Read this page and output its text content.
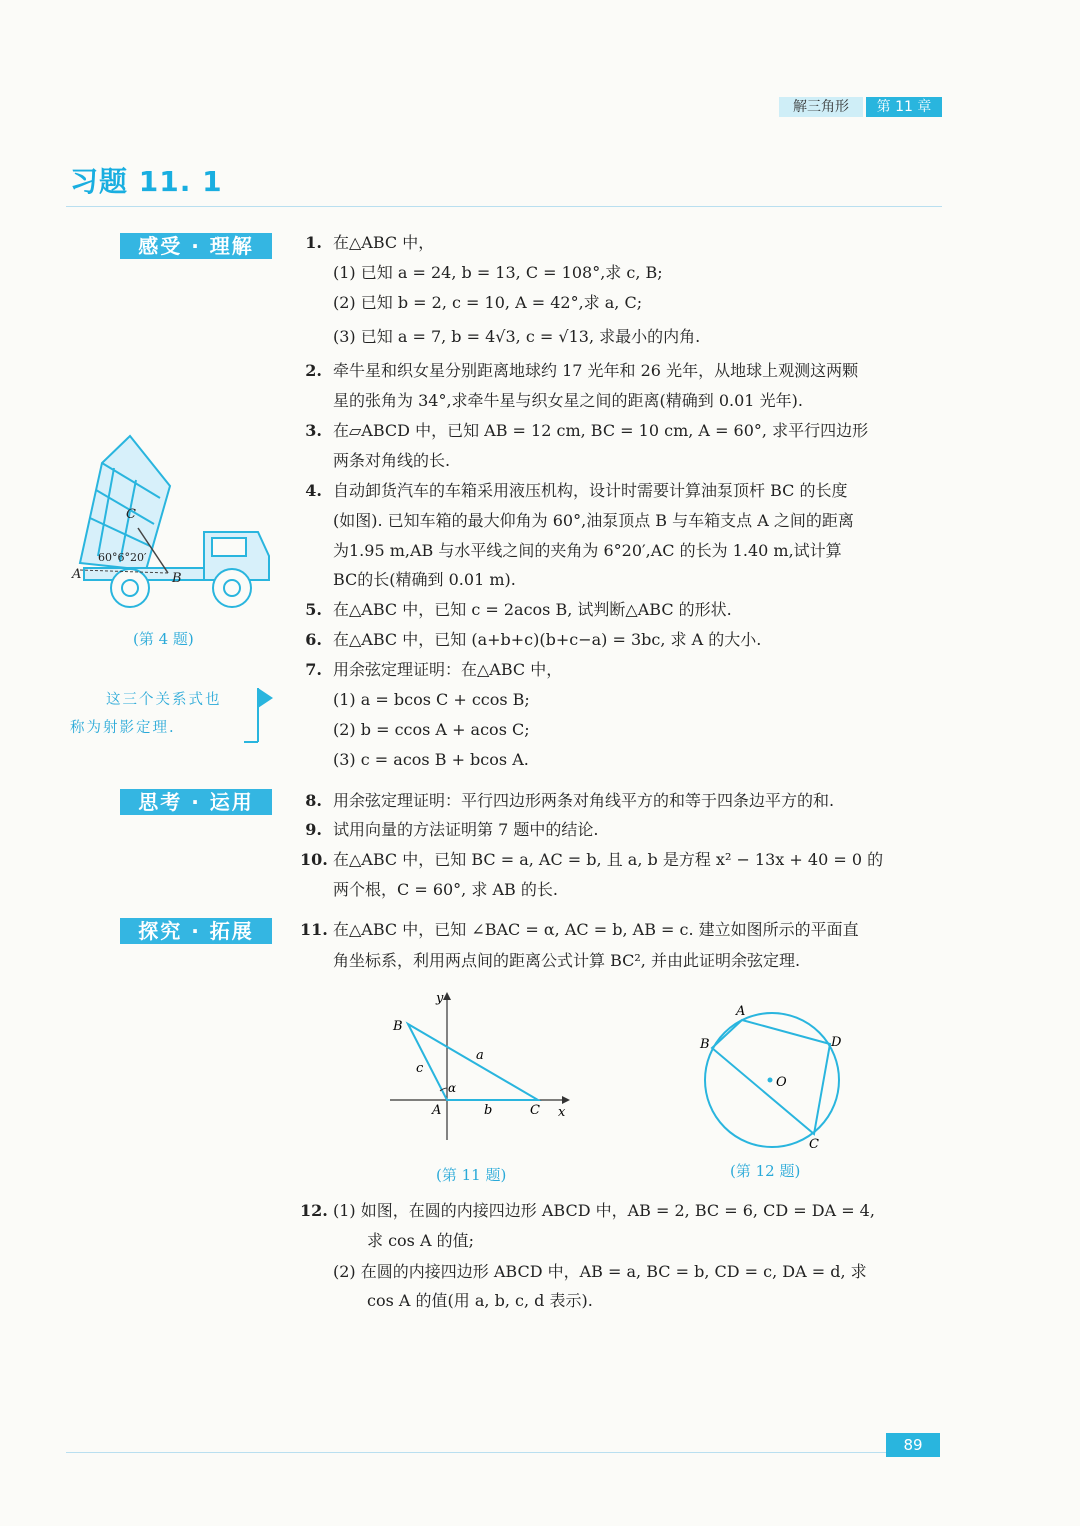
解三角形	第 11 章
习题 11. 1
感受 · 理解
思考 · 运用
探究 · 拓展
1. 在△ABC 中，
(1) 已知 a = 24, b = 13, C = 108°,求 c, B;
(2) 已知 b = 2, c = 10, A = 42°,求 a, C;
(3) 已知 a = 7, b = 4√3, c = √13, 求最小的内角.
2. 牵牛星和织女星分别距离地球约 17 光年和 26 光年，从地球上观测这两颗
星的张角为 34°,求牵牛星与织女星之间的距离(精确到 0.01 光年).
3. 在▱ABCD 中，已知 AB = 12 cm, BC = 10 cm, A = 60°, 求平行四边形
两条对角线的长.
4. 自动卸货汽车的车箱采用液压机构，设计时需要计算油泵顶杆 BC 的长度
(如图). 已知车箱的最大仰角为 60°,油泵顶点 B 与车箱支点 A 之间的距离
为1.95 m,AB 与水平线之间的夹角为 6°20′,AC 的长为 1.40 m,试计算
BC的长(精确到 0.01 m).
5. 在△ABC 中，已知 c = 2acos B, 试判断△ABC 的形状.
6. 在△ABC 中，已知 (a+b+c)(b+c−a) = 3bc, 求 A 的大小.
7. 用余弦定理证明：在△ABC 中，
(1) a = bcos C + ccos B;
(2) b = ccos A + acos C;
(3) c = acos B + bcos A.
8. 用余弦定理证明：平行四边形两条对角线平方的和等于四条边平方的和.
9. 试用向量的方法证明第 7 题中的结论.
10. 在△ABC 中，已知 BC = a, AC = b, 且 a, b 是方程 x² − 13x + 40 = 0 的
两个根，C = 60°, 求 AB 的长.
11. 在△ABC 中，已知 ∠BAC = α, AC = b, AB = c. 建立如图所示的平面直
角坐标系，利用两点间的距离公式计算 BC², 并由此证明余弦定理.
12. (1) 如图，在圆的内接四边形 ABCD 中，AB = 2, BC = 6, CD = DA = 4,
求 cos A 的值;
(2) 在圆的内接四边形 ABCD 中，AB = a, BC = b, CD = c, DA = d, 求
cos A 的值(用 a, b, c, d 表示).
这三个关系式也
称为射影定理.
C
A	B
60°6°20′
(第 4 题)
y
x
B
A	C
a
b
c
α
(第 11 题)
A
B
C
D
O
(第 12 题)
89
